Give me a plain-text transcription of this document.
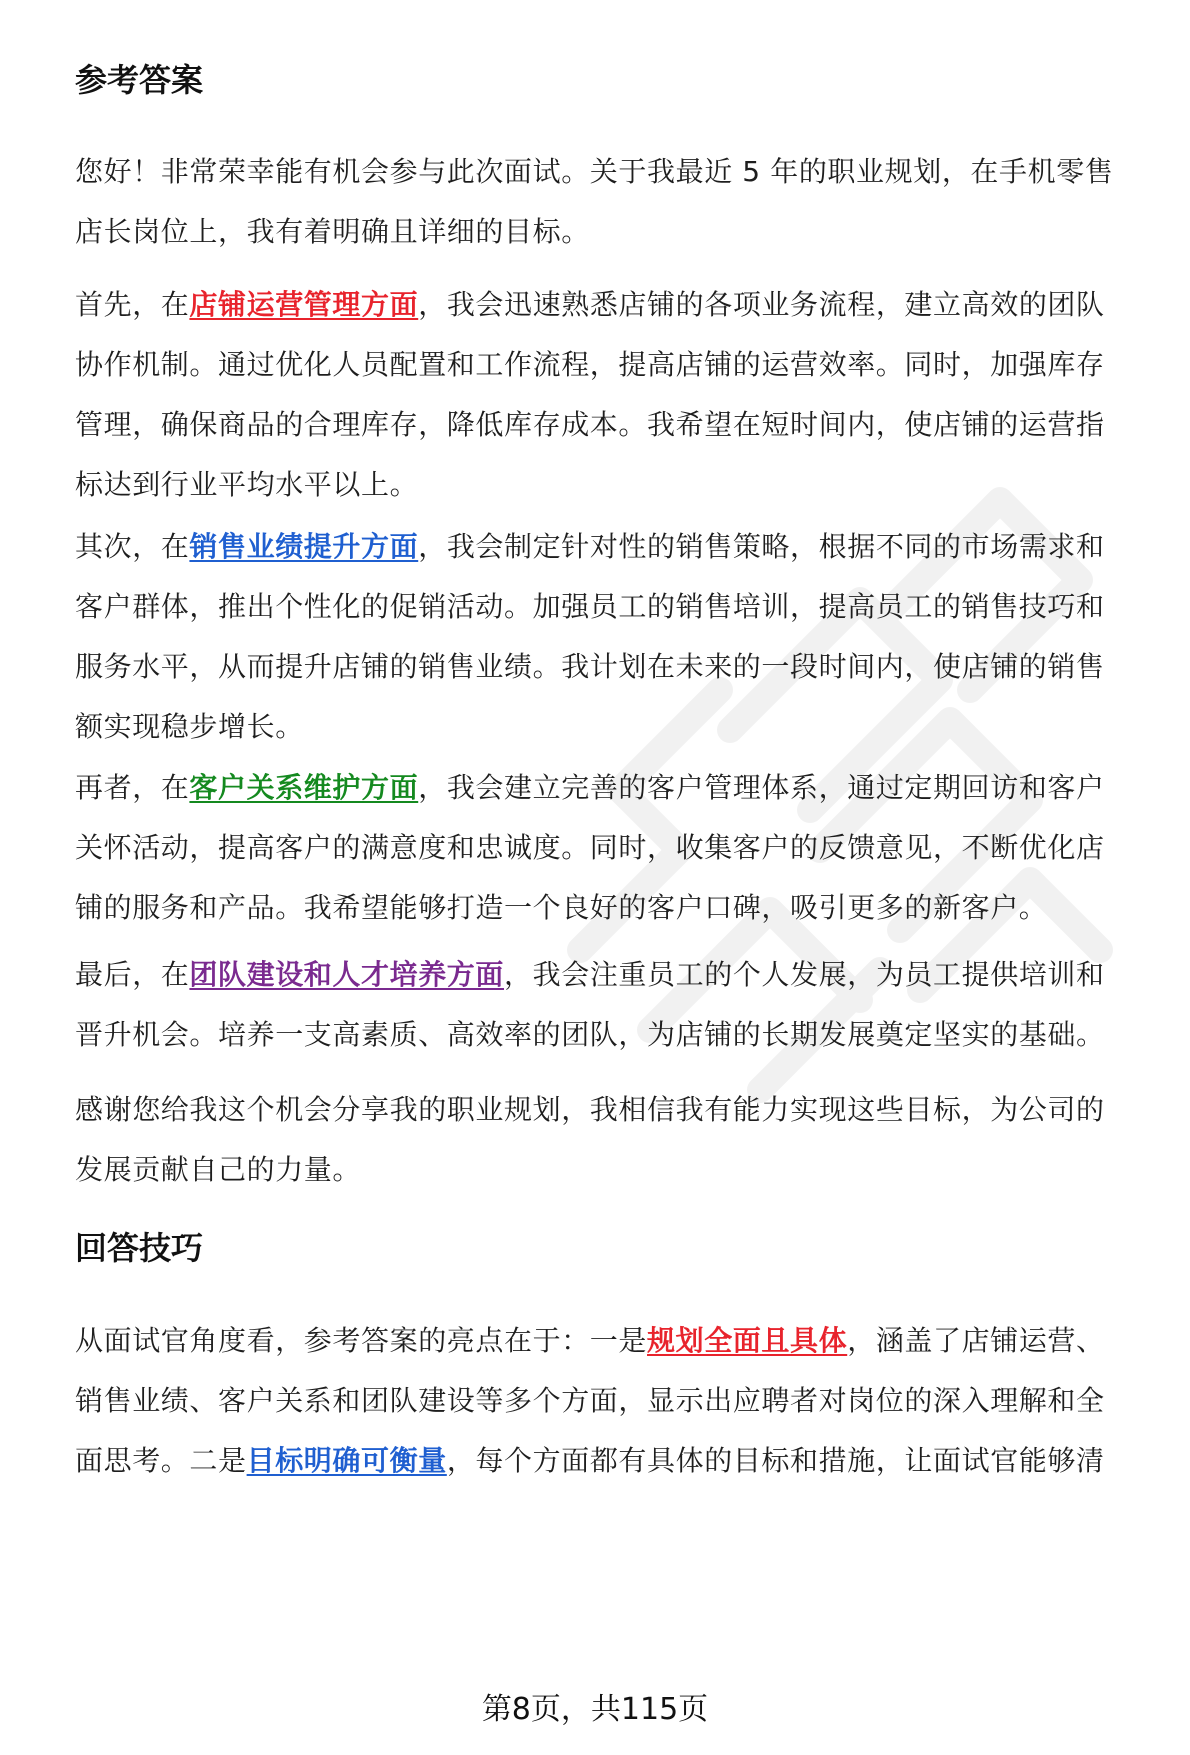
参考答案

您好！非常荣幸能有机会参与此次面试。关于我最近 5 年的职业规划，在手机零售店长岗位上，我有着明确且详细的目标。

首先，在店铺运营管理方面，我会迅速熟悉店铺的各项业务流程，建立高效的团队协作机制。通过优化人员配置和工作流程，提高店铺的运营效率。同时，加强库存管理，确保商品的合理库存，降低库存成本。我希望在短时间内，使店铺的运营指标达到行业平均水平以上。

其次，在销售业绩提升方面，我会制定针对性的销售策略，根据不同的市场需求和客户群体，推出个性化的促销活动。加强员工的销售培训，提高员工的销售技巧和服务水平，从而提升店铺的销售业绩。我计划在未来的一段时间内，使店铺的销售额实现稳步增长。

再者，在客户关系维护方面，我会建立完善的客户管理体系，通过定期回访和客户关怀活动，提高客户的满意度和忠诚度。同时，收集客户的反馈意见，不断优化店铺的服务和产品。我希望能够打造一个良好的客户口碑，吸引更多的新客户。

最后，在团队建设和人才培养方面，我会注重员工的个人发展，为员工提供培训和晋升机会。培养一支高素质、高效率的团队，为店铺的长期发展奠定坚实的基础。

感谢您给我这个机会分享我的职业规划，我相信我有能力实现这些目标，为公司的发展贡献自己的力量。

回答技巧

从面试官角度看，参考答案的亮点在于：一是规划全面且具体，涵盖了店铺运营、销售业绩、客户关系和团队建设等多个方面，显示出应聘者对岗位的深入理解和全面思考。二是目标明确可衡量，每个方面都有具体的目标和措施，让面试官能够清

第8页，共115页
